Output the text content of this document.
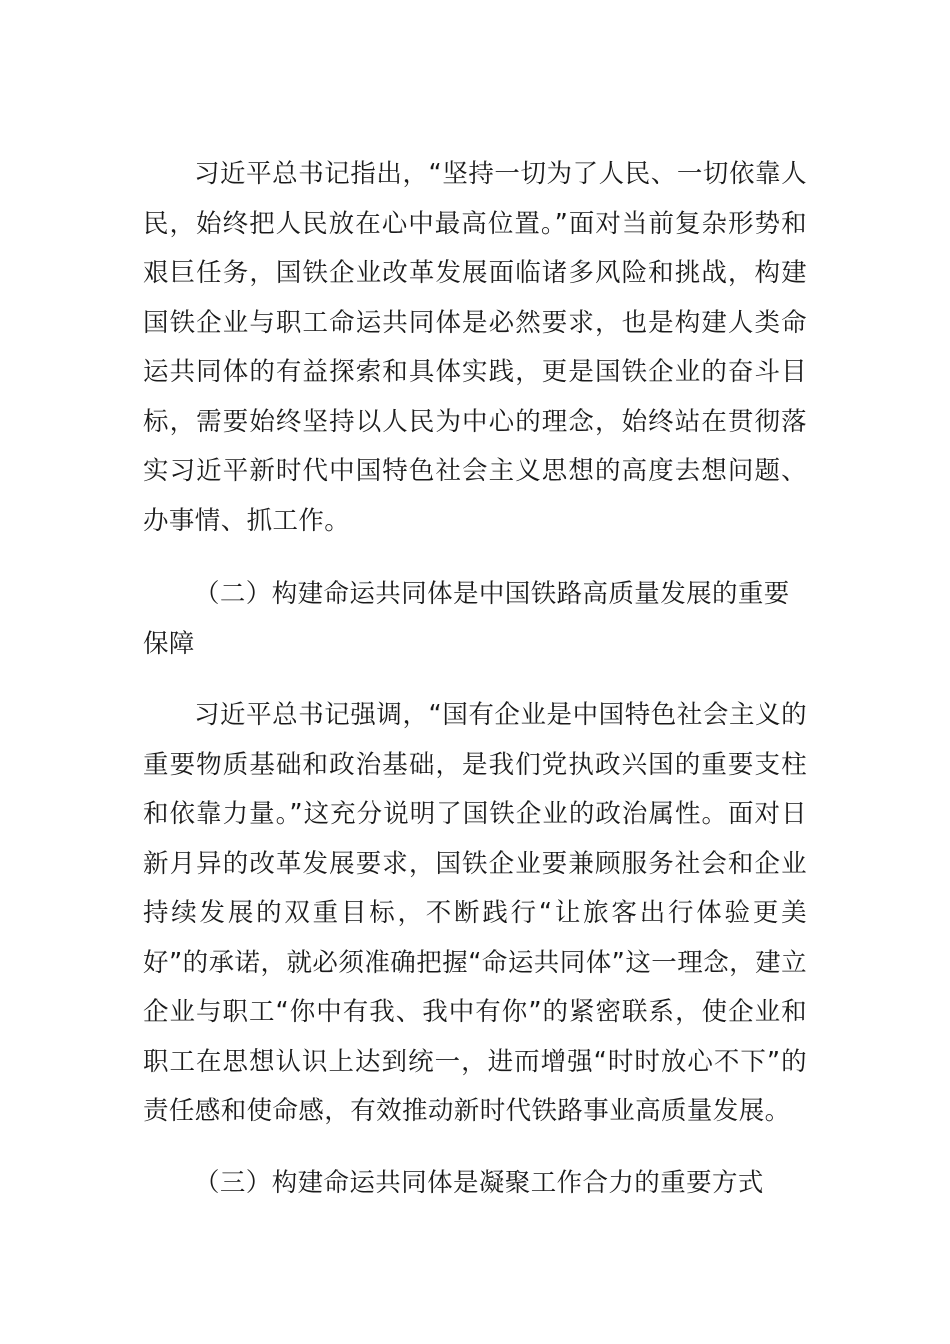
习近平总书记指出，“坚持一切为了人民、一切依靠人民，始终把人民放在心中最高位置。”面对当前复杂形势和艰巨任务，国铁企业改革发展面临诸多风险和挑战，构建国铁企业与职工命运共同体是必然要求，也是构建人类命运共同体的有益探索和具体实践，更是国铁企业的奋斗目标，需要始终坚持以人民为中心的理念，始终站在贯彻落实习近平新时代中国特色社会主义思想的高度去想问题、办事情、抓工作。

（二）构建命运共同体是中国铁路高质量发展的重要保障

习近平总书记强调，“国有企业是中国特色社会主义的重要物质基础和政治基础，是我们党执政兴国的重要支柱和依靠力量。”这充分说明了国铁企业的政治属性。面对日新月异的改革发展要求，国铁企业要兼顾服务社会和企业持续发展的双重目标，不断践行“让旅客出行体验更美好”的承诺，就必须准确把握“命运共同体”这一理念，建立企业与职工“你中有我、我中有你”的紧密联系，使企业和职工在思想认识上达到统一，进而增强“时时放心不下”的责任感和使命感，有效推动新时代铁路事业高质量发展。

（三）构建命运共同体是凝聚工作合力的重要方式
